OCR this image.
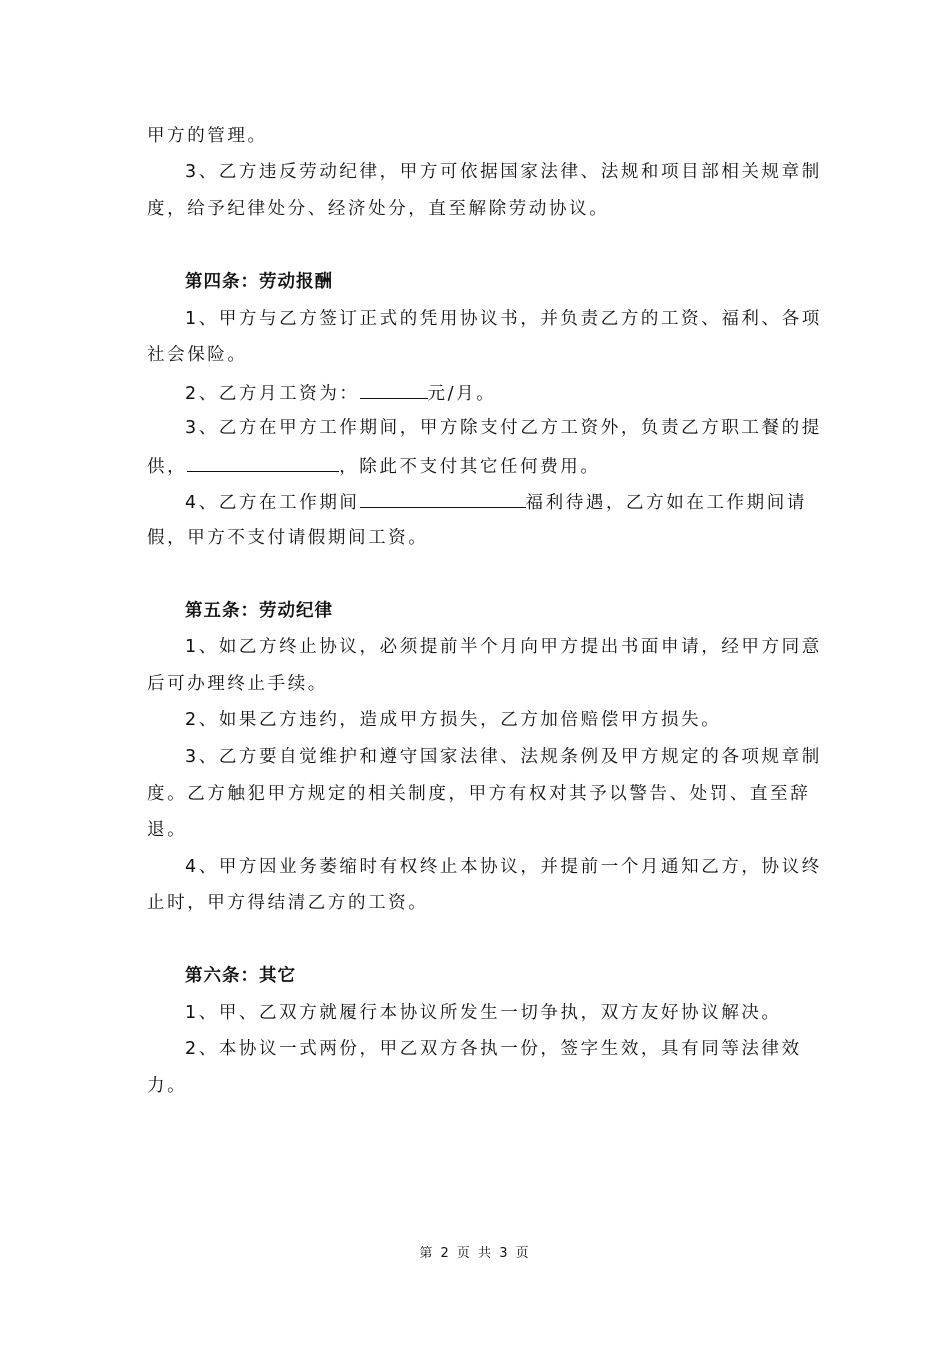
甲方的管理。
3、乙方违反劳动纪律，甲方可依据国家法律、法规和项目部相关规章制
度，给予纪律处分、经济处分，直至解除劳动协议。
第四条：劳动报酬
1、甲方与乙方签订正式的凭用协议书，并负责乙方的工资、福利、各项
社会保险。
2、乙方月工资为：	元/月。
3、乙方在甲方工作期间，甲方除支付乙方工资外，负责乙方职工餐的提
供，	，除此不支付其它任何费用。
4、乙方在工作期间	福利待遇，乙方如在工作期间请
假，甲方不支付请假期间工资。
第五条：劳动纪律
1、如乙方终止协议，必须提前半个月向甲方提出书面申请，经甲方同意
后可办理终止手续。
2、如果乙方违约，造成甲方损失，乙方加倍赔偿甲方损失。
3、乙方要自觉维护和遵守国家法律、法规条例及甲方规定的各项规章制
度。乙方触犯甲方规定的相关制度，甲方有权对其予以警告、处罚、直至辞
退。
4、甲方因业务萎缩时有权终止本协议，并提前一个月通知乙方，协议终
止时，甲方得结清乙方的工资。
第六条：其它
1、甲、乙双方就履行本协议所发生一切争执，双方友好协议解决。
2、本协议一式两份，甲乙双方各执一份，签字生效，具有同等法律效
力。
第 2 页 共 3 页
